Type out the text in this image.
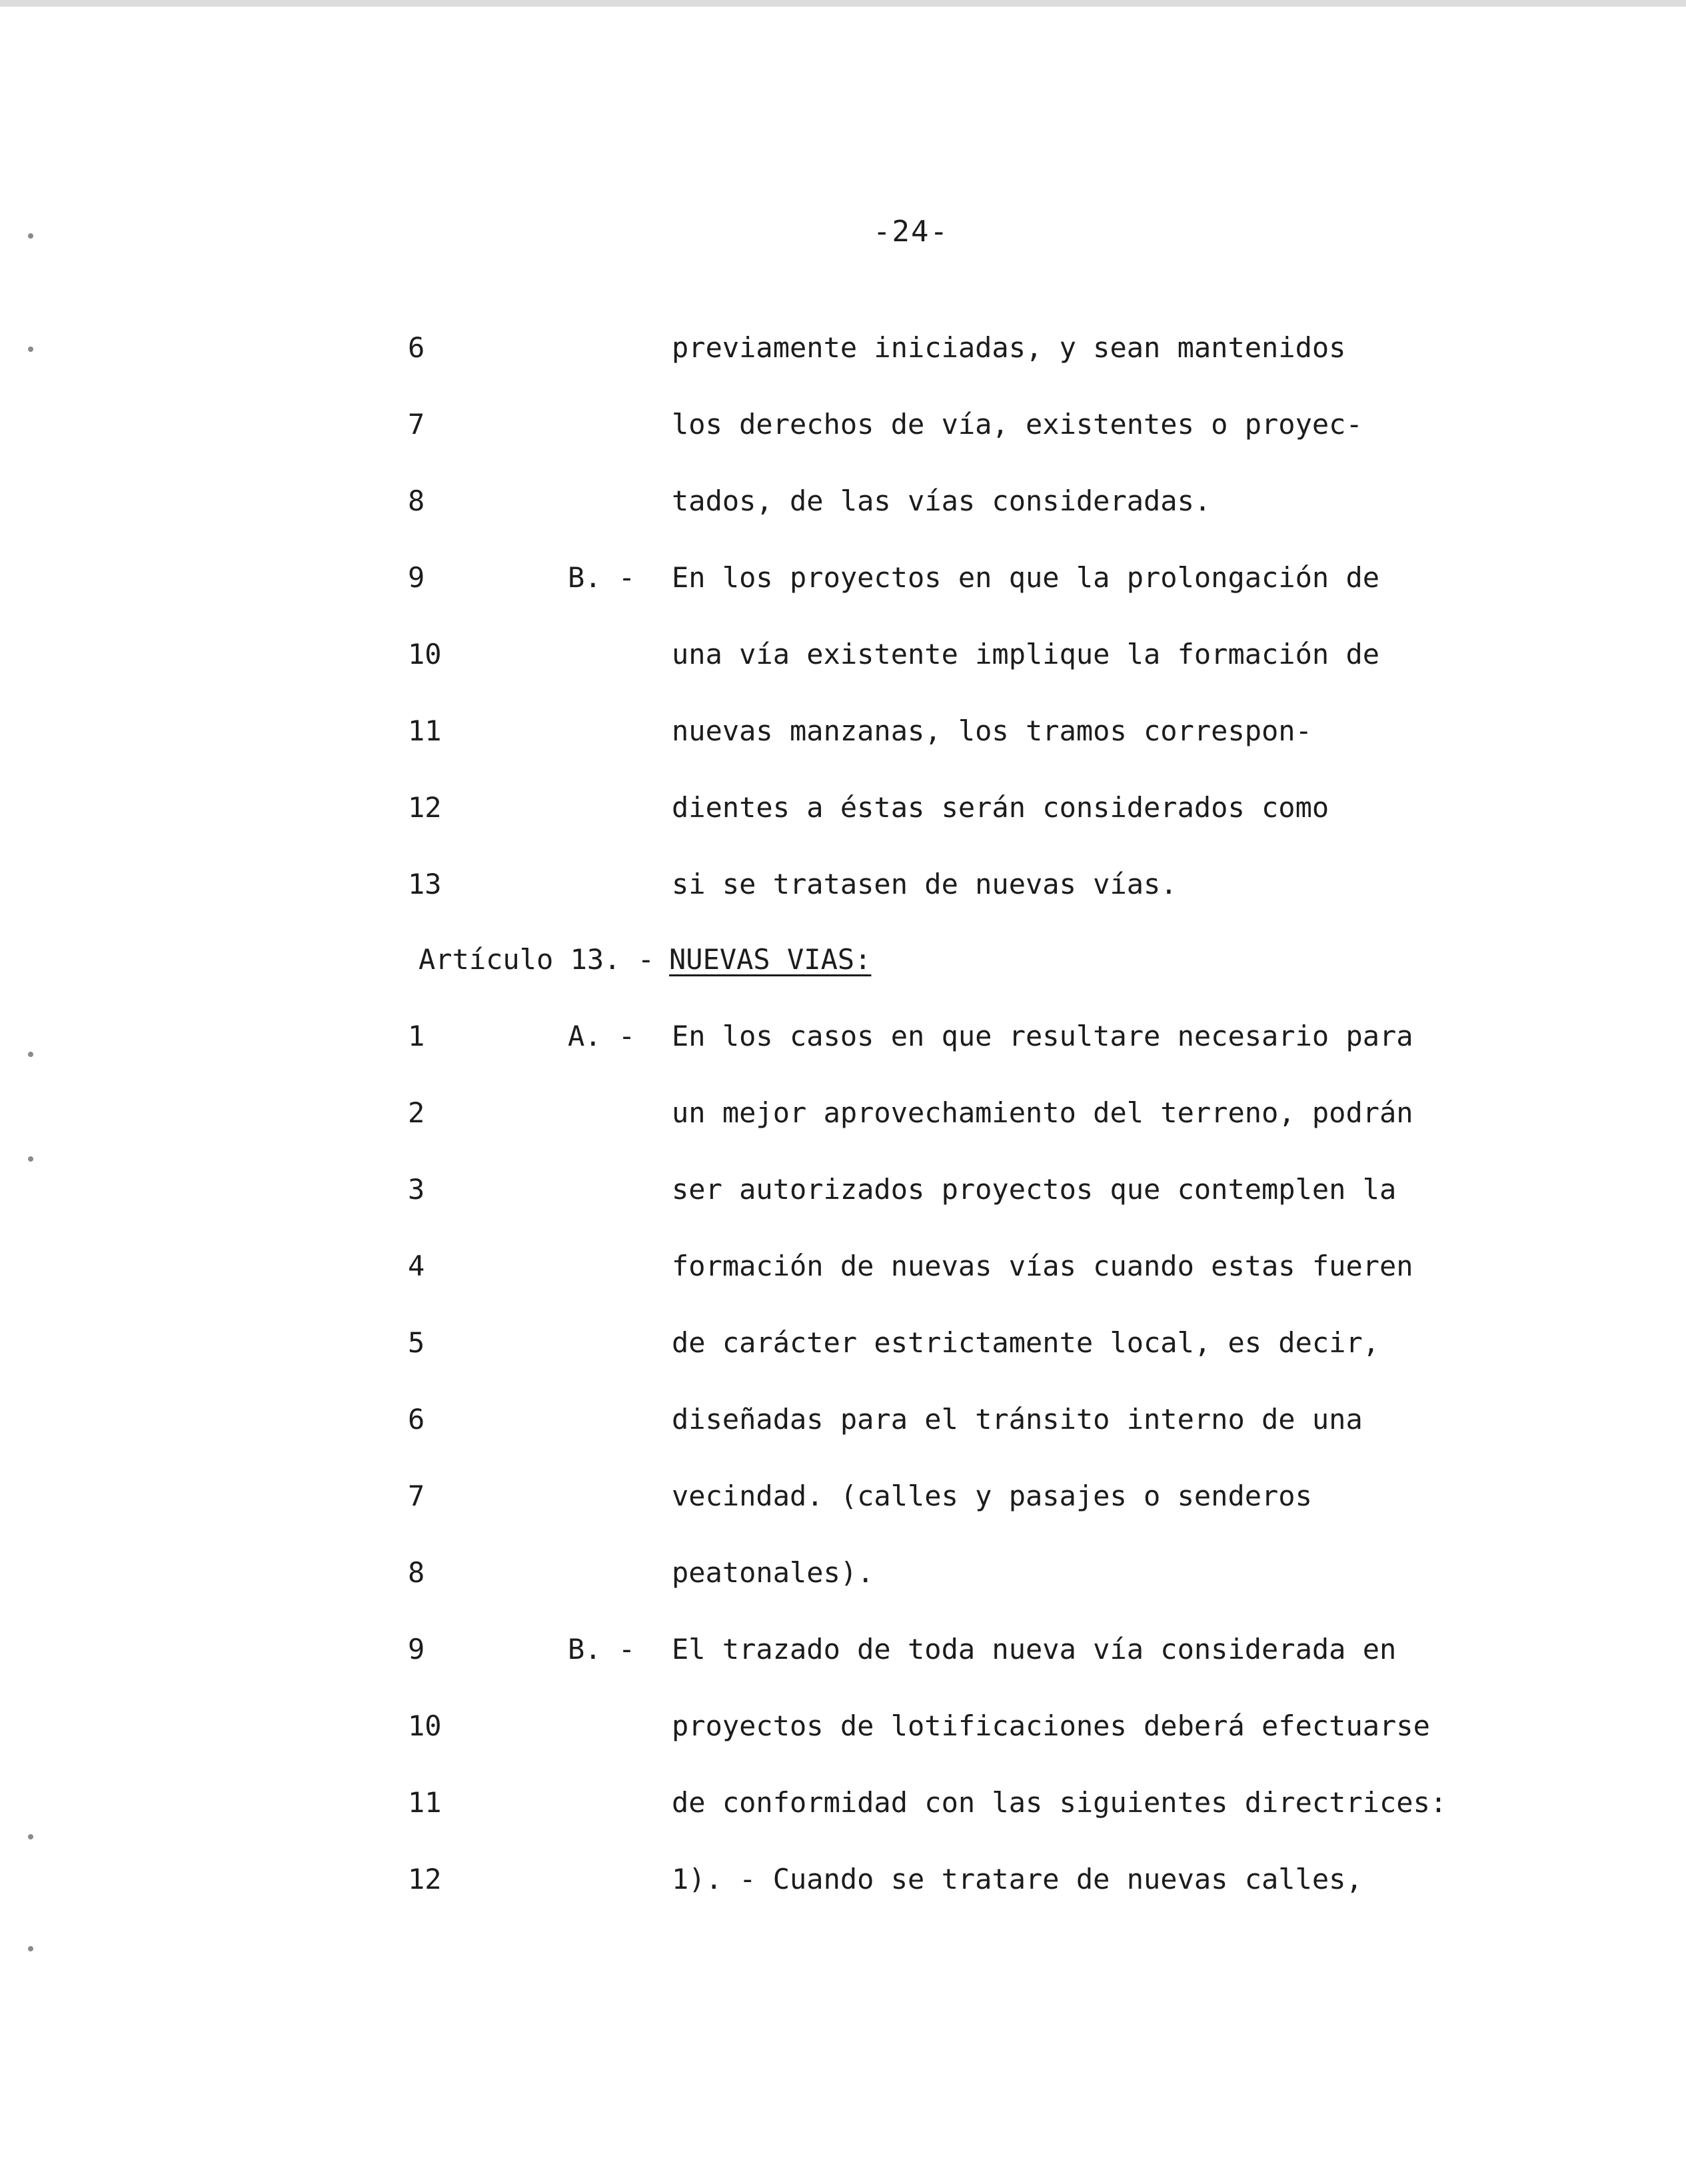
-24-
6	previamente iniciadas, y sean mantenidos
7	los derechos de vía, existentes o proyec-
8	tados, de las vías consideradas.
9	B. - En los proyectos en que la prolongación de
10	una vía existente implique la formación de
11	nuevas manzanas, los tramos correspon-
12	dientes a éstas serán considerados como
13	si se tratasen de nuevas vías.
Artículo 13. - NUEVAS VIAS:
1	A. - En los casos en que resultare necesario para
2	un mejor aprovechamiento del terreno, podrán
3	ser autorizados proyectos que contemplen la
4	formación de nuevas vías cuando estas fueren
5	de carácter estrictamente local, es decir,
6	diseñadas para el tránsito interno de una
7	vecindad. (calles y pasajes o senderos
8	peatonales).
9	B. - El trazado de toda nueva vía considerada en
10	proyectos de lotificaciones deberá efectuarse
11	de conformidad con las siguientes directrices:
12	1). - Cuando se tratare de nuevas calles,
